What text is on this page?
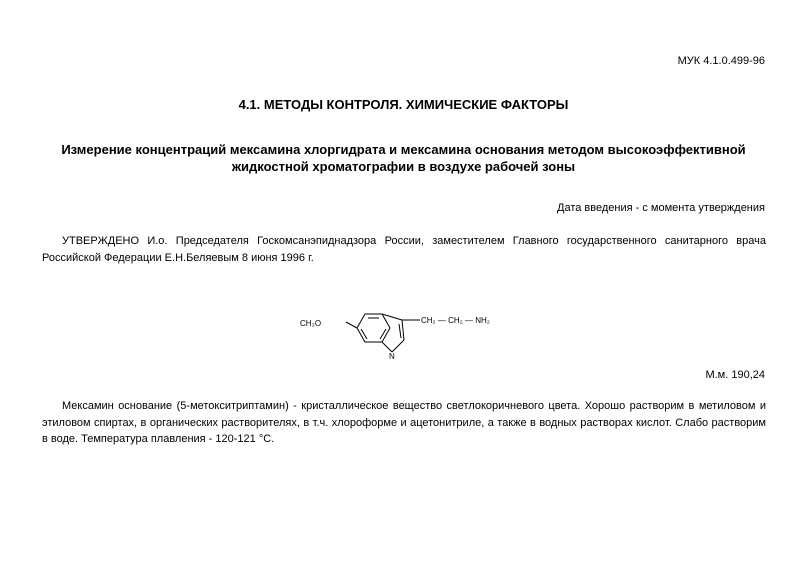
МУК 4.1.0.499-96
4.1. МЕТОДЫ КОНТРОЛЯ. ХИМИЧЕСКИЕ ФАКТОРЫ
Измерение концентраций мексамина хлоргидрата и мексамина основания методом высокоэффективной жидкостной хроматографии в воздухе рабочей зоны
Дата введения - с момента утверждения
УТВЕРЖДЕНО И.о. Председателя Госкомсанэпиднадзора России, заместителем Главного государственного санитарного врача Российской Федерации Е.Н.Беляевым 8 июня 1996 г.
CH₃O	CH₂ — CH₂ — NH₂
N
М.м. 190,24
Мексамин основание (5-метокситриптамин) - кристаллическое вещество светлокоричневого цвета. Хорошо растворим в метиловом и этиловом спиртах, в органических растворителях, в т.ч. хлороформе и ацетонитриле, а также в водных растворах кислот. Слабо растворим в воде. Температура плавления - 120-121 °С.
